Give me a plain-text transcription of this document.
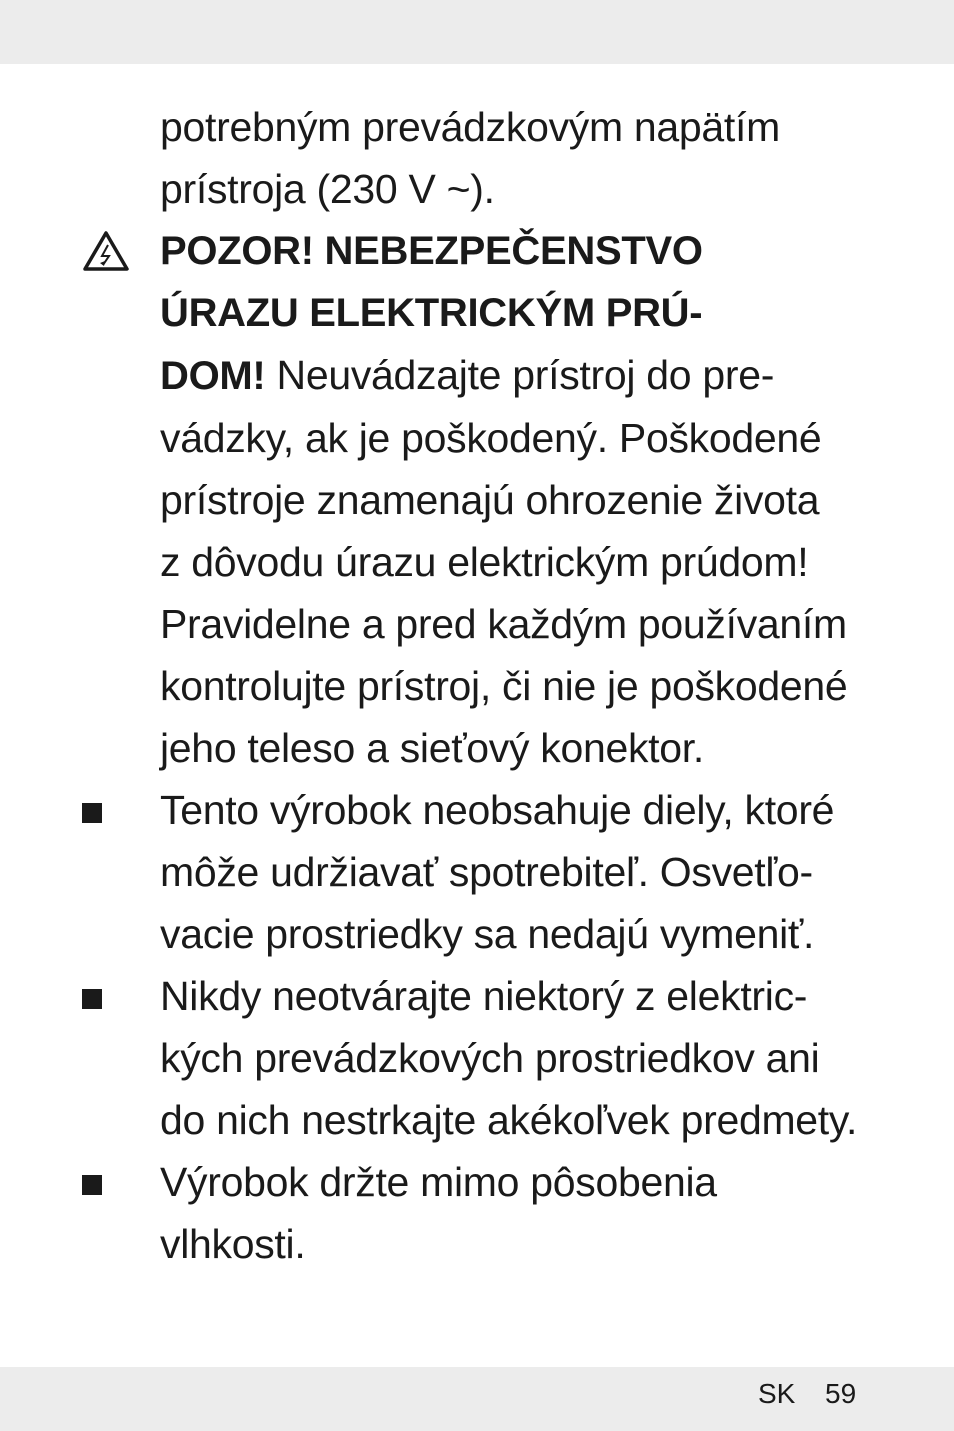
potrebným prevádzkovým napätím
prístroja (230 V ~).
POZOR! NEBEZPEČENSTVO
ÚRAZU ELEKTRICKÝM PRÚ-
DOM! Neuvádzajte prístroj do pre-
vádzky, ak je poškodený. Poškodené
prístroje znamenajú ohrozenie života
z dôvodu úrazu elektrickým prúdom!
Pravidelne a pred každým používaním
kontrolujte prístroj, či nie je poškodené
jeho teleso a sieťový konektor.
Tento výrobok neobsahuje diely, ktoré
môže udržiavať spotrebiteľ. Osvetľo-
vacie prostriedky sa nedajú vymeniť.
Nikdy neotvárajte niektorý z elektric-
kých prevádzkových prostriedkov ani
do nich nestrkajte akékoľvek predmety.
Výrobok držte mimo pôsobenia
vlhkosti.
SK 59
